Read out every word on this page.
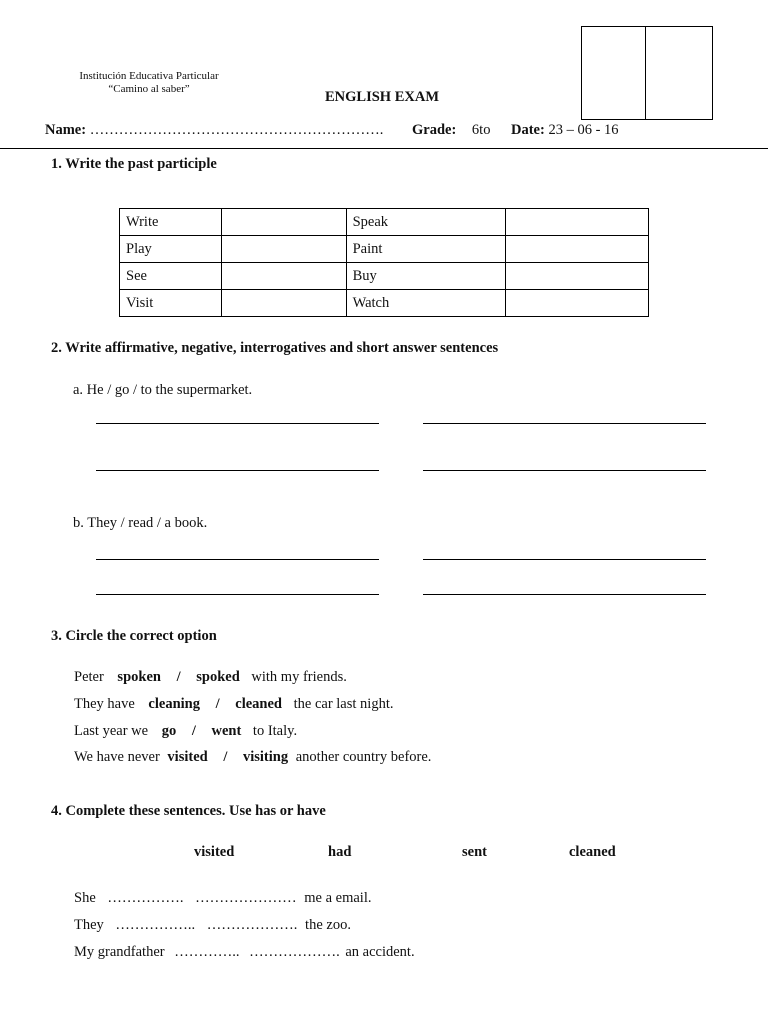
Institución Educativa Particular
“Camino al saber”	ENGLISH EXAM
Name: ……………………………………………………. Grade: 6to Date: 23 – 06 - 16
1. Write the past participle
Write		Speak	
Play		Paint	
See		Buy	
Visit		Watch	
2. Write affirmative, negative, interrogatives and short answer sentences
a. He / go / to the supermarket.
b. They / read / a book.
3. Circle the correct option
Peter spoken / spoked with my friends.
They have cleaning / cleaned the car last night.
Last year we go / went to Italy.
We have never visited / visiting another country before.
4. Complete these sentences. Use has or have
visited	had	sent	cleaned
She ……………. ………………… me a email.
They …………….. ………………. the zoo.
My grandfather ………….. ………………. an accident.
